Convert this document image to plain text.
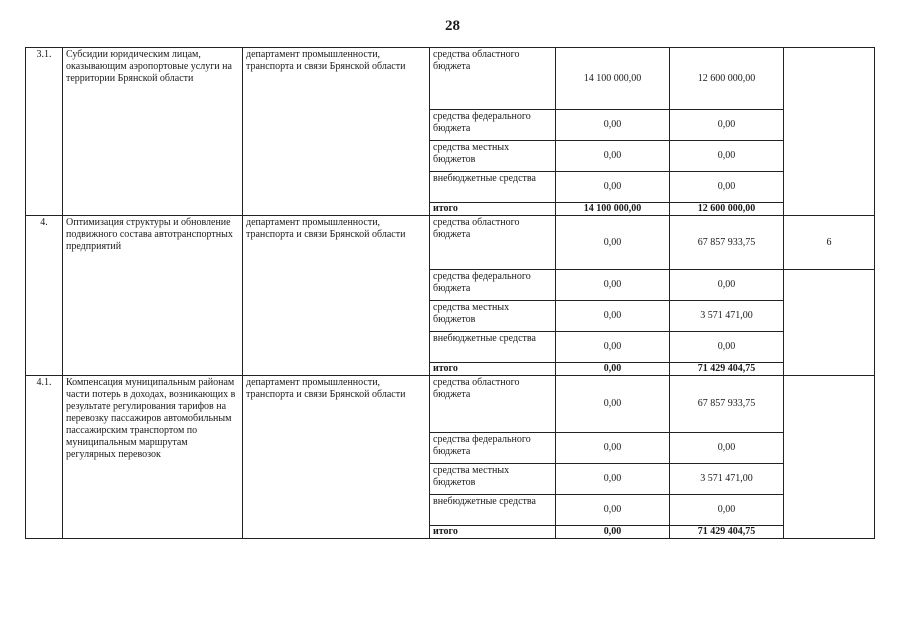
28
3.1.	Субсидии юридическим лицам, оказывающим аэропортовые услуги на территории Брянской области	департамент промышленности, транспорта и связи Брянской области	средства областного бюджета	14 100 000,00	12 600 000,00	
			средства федерального бюджета	0,00	0,00	
			средства местных бюджетов	0,00	0,00	
			внебюджетные средства	0,00	0,00	
			итого	14 100 000,00	12 600 000,00	
4.	Оптимизация структуры и обновление подвижного состава автотранспортных предприятий	департамент промышленности, транспорта и связи Брянской области	средства областного бюджета	0,00	67 857 933,75	6
			средства федерального бюджета	0,00	0,00	
			средства местных бюджетов	0,00	3 571 471,00	
			внебюджетные средства	0,00	0,00	
			итого	0,00	71 429 404,75	
4.1.	Компенсация муниципальным районам части потерь в доходах, возникающих в результате регулирования тарифов на перевозку пассажиров автомобильным пассажирским транспортом по муниципальным маршрутам регулярных перевозок	департамент промышленности, транспорта и связи Брянской области	средства областного бюджета	0,00	67 857 933,75	
			средства федерального бюджета	0,00	0,00	
			средства местных бюджетов	0,00	3 571 471,00	
			внебюджетные средства	0,00	0,00	
			итого	0,00	71 429 404,75	
